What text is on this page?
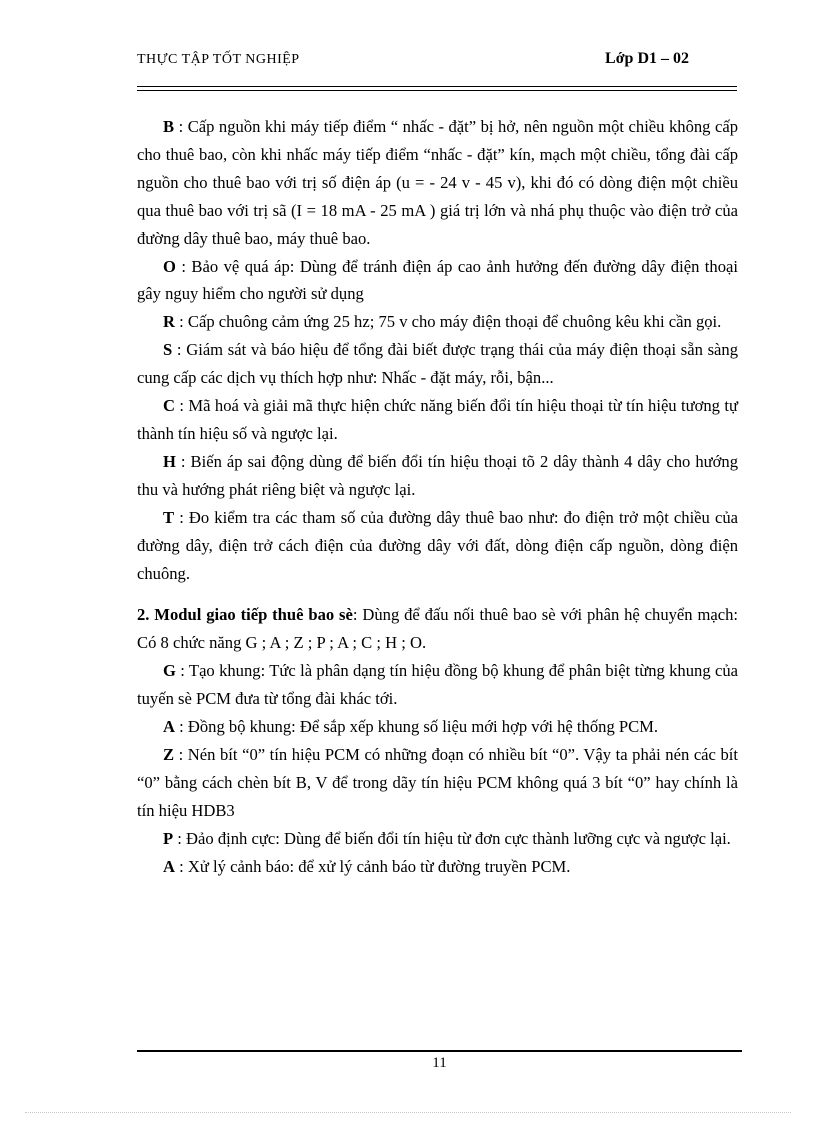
THỰC TẬP TỐT NGHIỆP	Lớp D1 – 02

B : Cấp nguồn khi máy tiếp điểm “ nhấc - đặt” bị hở, nên nguồn một chiều không cấp cho thuê bao, còn khi nhấc máy tiếp điểm “nhấc - đặt” kín, mạch một chiều, tổng đài cấp nguồn cho thuê bao với trị số điện áp (u = - 24 v - 45 v), khi đó có dòng điện một chiều qua thuê bao với trị sã (I = 18 mA - 25 mA ) giá trị lớn và nhá phụ thuộc vào điện trở của đường dây thuê bao, máy thuê bao.

O : Bảo vệ quá áp: Dùng để tránh điện áp cao ảnh hưởng đến đường dây điện thoại gây nguy hiểm cho người sử dụng

R : Cấp chuông cảm ứng 25 hz; 75 v cho máy điện thoại để chuông kêu khi cần gọi.

S : Giám sát và báo hiệu để tổng đài biết được trạng thái của máy điện thoại sẵn sàng cung cấp các dịch vụ thích hợp như: Nhấc - đặt máy, rỗi, bận...

C : Mã hoá và giải mã thực hiện chức năng biến đổi tín hiệu thoại từ tín hiệu tương tự thành tín hiệu số và ngược lại.

H : Biến áp sai động dùng để biến đổi tín hiệu thoại tõ 2 dây thành 4 dây cho hướng thu và hướng phát riêng biệt và ngược lại.

T : Đo kiểm tra các tham số của đường dây thuê bao như: đo điện trở một chiều của đường dây, điện trở cách điện của đường dây với đất, dòng điện cấp nguồn, dòng điện chuông.

2. Modul giao tiếp thuê bao sè: Dùng để đấu nối thuê bao sè với phân hệ chuyển mạch: Có 8 chức năng G ; A ; Z ; P ; A ; C ; H ; O.

G : Tạo khung: Tức là phân dạng tín hiệu đồng bộ khung để phân biệt từng khung của tuyến sè PCM đưa từ tổng đài khác tới.

A : Đồng bộ khung: Để sắp xếp khung số liệu mới hợp với hệ thống PCM.

Z : Nén bít “0” tín hiệu PCM có những đoạn có nhiều bít “0”. Vậy ta phải nén các bít “0” bằng cách chèn bít B, V để trong dãy tín hiệu PCM không quá 3 bít “0” hay chính là tín hiệu HDB3

P : Đảo định cực: Dùng để biến đổi tín hiệu từ đơn cực thành lưỡng cực và ngược lại.

A : Xử lý cảnh báo: để xử lý cảnh báo từ đường truyền PCM.

11
